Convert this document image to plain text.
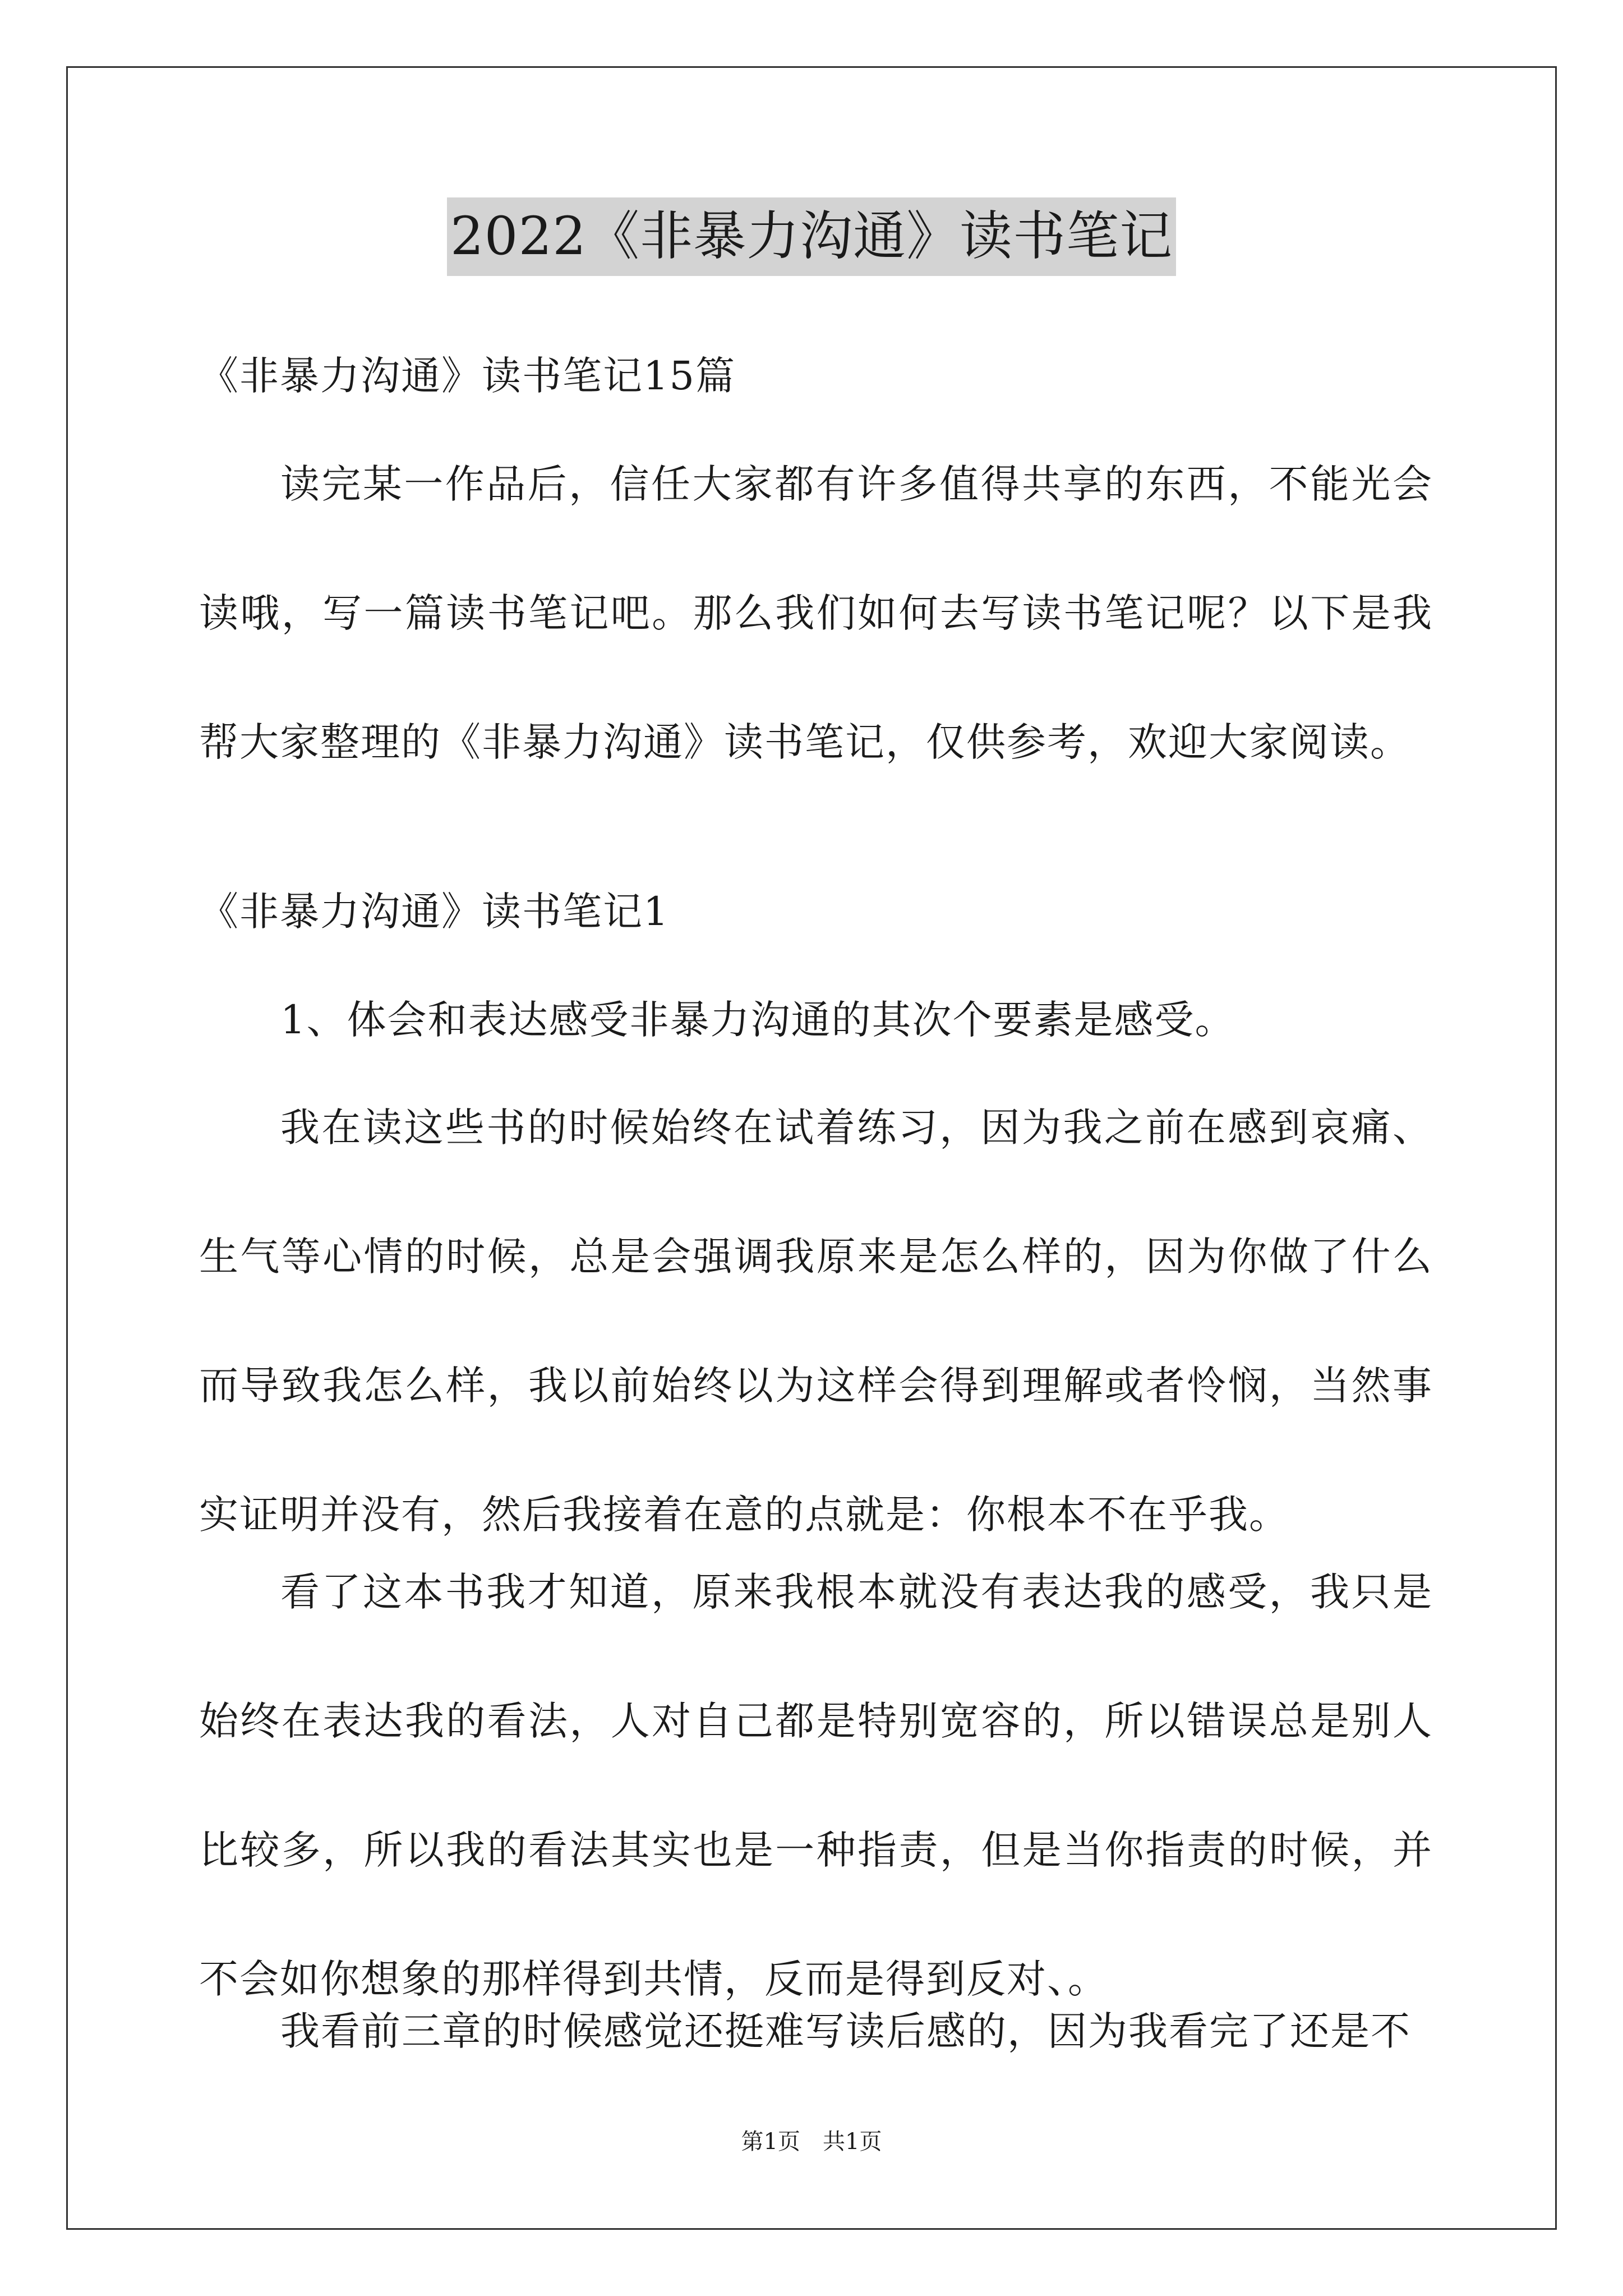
2022《非暴力沟通》读书笔记
《非暴力沟通》读书笔记15篇
读完某一作品后，信任大家都有许多值得共享的东西，不能光会读哦，写一篇读书笔记吧。那么我们如何去写读书笔记呢？以下是我帮大家整理的《非暴力沟通》读书笔记，仅供参考，欢迎大家阅读。
《非暴力沟通》读书笔记1
1、体会和表达感受非暴力沟通的其次个要素是感受。
我在读这些书的时候始终在试着练习，因为我之前在感到哀痛、生气等心情的时候，总是会强调我原来是怎么样的，因为你做了什么而导致我怎么样，我以前始终以为这样会得到理解或者怜悯，当然事实证明并没有，然后我接着在意的点就是：你根本不在乎我。
看了这本书我才知道，原来我根本就没有表达我的感受，我只是始终在表达我的看法，人对自己都是特别宽容的，所以错误总是别人比较多，所以我的看法其实也是一种指责，但是当你指责的时候，并不会如你想象的那样得到共情，反而是得到反对、。
我看前三章的时候感觉还挺难写读后感的，因为我看完了还是不
第1页 共1页
